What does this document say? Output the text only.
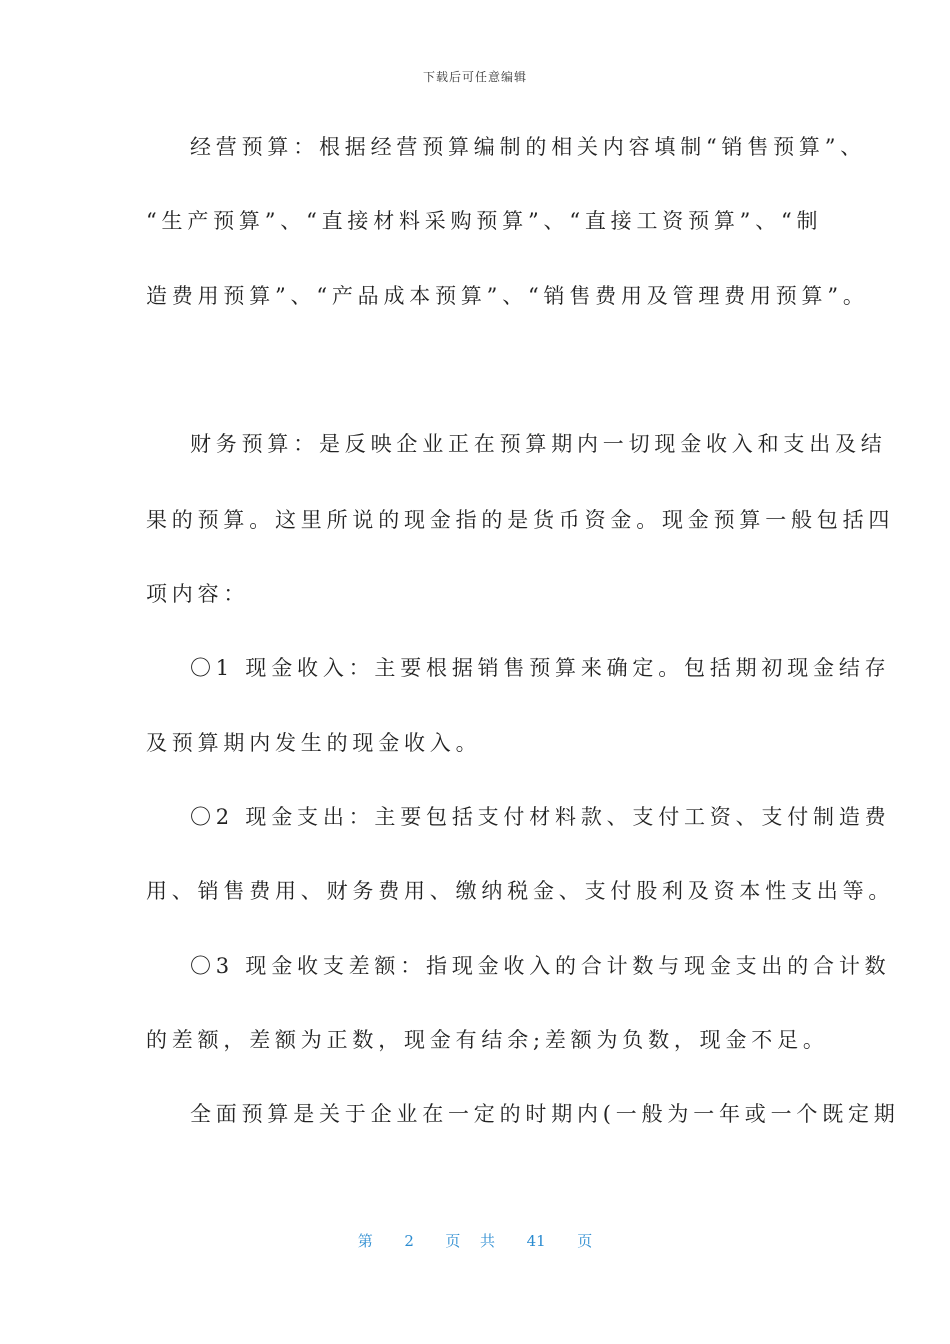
下载后可任意编辑
经营预算：根据经营预算编制的相关内容填制“销售预算”、
“生产预算”、“直接材料采购预算”、“直接工资预算”、“制
造费用预算”、“产品成本预算”、“销售费用及管理费用预算”。
财务预算：是反映企业正在预算期内一切现金收入和支出及结
果的预算。这里所说的现金指的是货币资金。现金预算一般包括四
项内容：
〇1 现金收入：主要根据销售预算来确定。包括期初现金结存
及预算期内发生的现金收入。
〇2 现金支出：主要包括支付材料款、支付工资、支付制造费
用、销售费用、财务费用、缴纳税金、支付股利及资本性支出等。
〇3 现金收支差额：指现金收入的合计数与现金支出的合计数
的差额，差额为正数，现金有结余;差额为负数，现金不足。
全面预算是关于企业在一定的时期内(一般为一年或一个既定期
第 2 页 共 41 页
